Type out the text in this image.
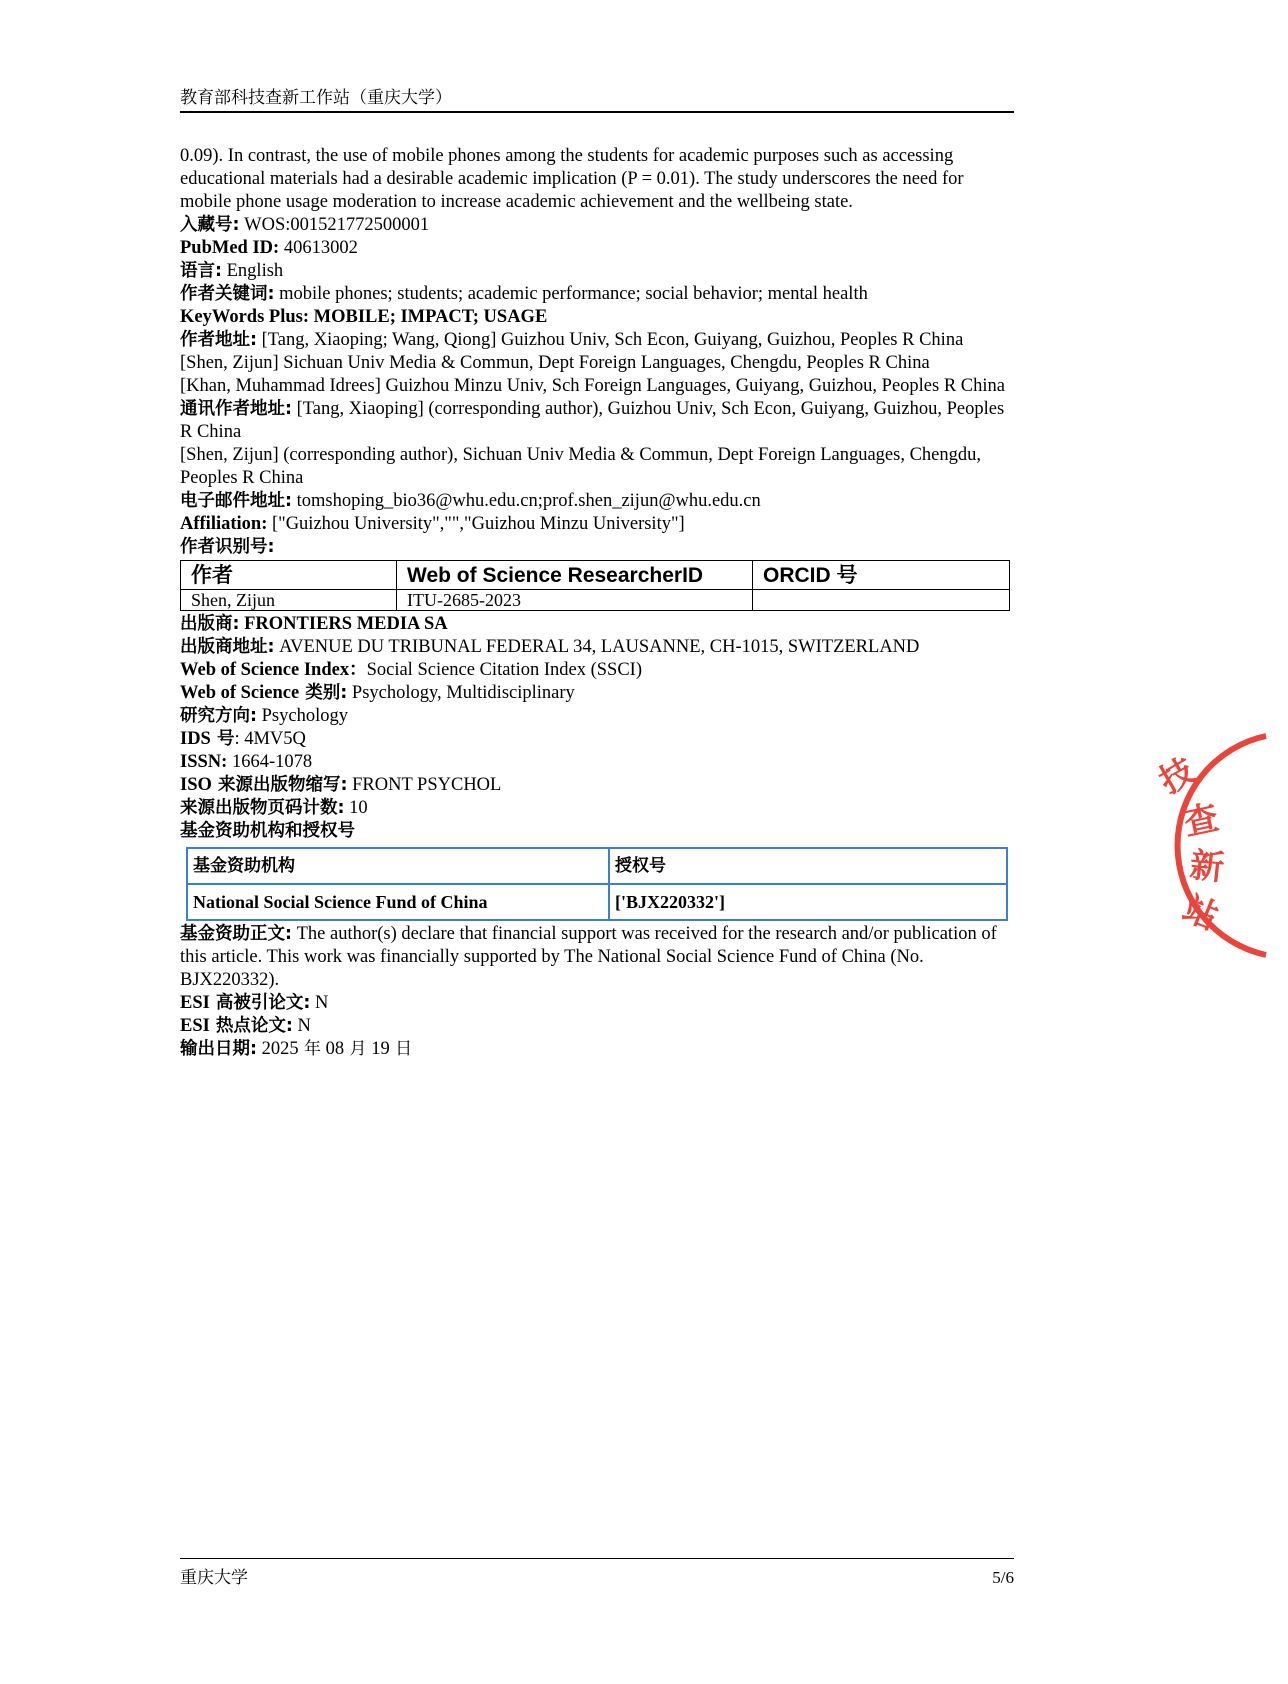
教育部科技查新工作站（重庆大学）

0.09). In contrast, the use of mobile phones among the students for academic purposes such as accessing educational materials had a desirable academic implication (P = 0.01). The study underscores the need for mobile phone usage moderation to increase academic achievement and the wellbeing state.

入藏号: WOS:001521772500001

PubMed ID: 40613002

语言: English

作者关键词: mobile phones; students; academic performance; social behavior; mental health

KeyWords Plus: MOBILE; IMPACT; USAGE

作者地址: [Tang, Xiaoping; Wang, Qiong] Guizhou Univ, Sch Econ, Guiyang, Guizhou, Peoples R China

[Shen, Zijun] Sichuan Univ Media & Commun, Dept Foreign Languages, Chengdu, Peoples R China

[Khan, Muhammad Idrees] Guizhou Minzu Univ, Sch Foreign Languages, Guiyang, Guizhou, Peoples R China

通讯作者地址: [Tang, Xiaoping] (corresponding author), Guizhou Univ, Sch Econ, Guiyang, Guizhou, Peoples R China

[Shen, Zijun] (corresponding author), Sichuan Univ Media & Commun, Dept Foreign Languages, Chengdu, Peoples R China

电子邮件地址: tomshoping_bio36@whu.edu.cn;prof.shen_zijun@whu.edu.cn

Affiliation: ["Guizhou University","","Guizhou Minzu University"]

作者识别号:

作者	Web of Science ResearcherID	ORCID 号
Shen, Zijun	ITU-2685-2023	

出版商: FRONTIERS MEDIA SA

出版商地址: AVENUE DU TRIBUNAL FEDERAL 34, LAUSANNE, CH-1015, SWITZERLAND

Web of Science Index：Social Science Citation Index (SSCI)

Web of Science 类别: Psychology, Multidisciplinary

研究方向: Psychology

IDS 号: 4MV5Q

ISSN: 1664-1078

ISO 来源出版物缩写: FRONT PSYCHOL

来源出版物页码计数: 10

基金资助机构和授权号

基金资助机构	授权号
National Social Science Fund of China	['BJX220332']

基金资助正文: The author(s) declare that financial support was received for the research and/or publication of this article. This work was financially supported by The National Social Science Fund of China (No. BJX220332).

ESI 高被引论文: N

ESI 热点论文: N

输出日期: 2025 年 08 月 19 日

技
查
新
站
重庆大学	5/6
